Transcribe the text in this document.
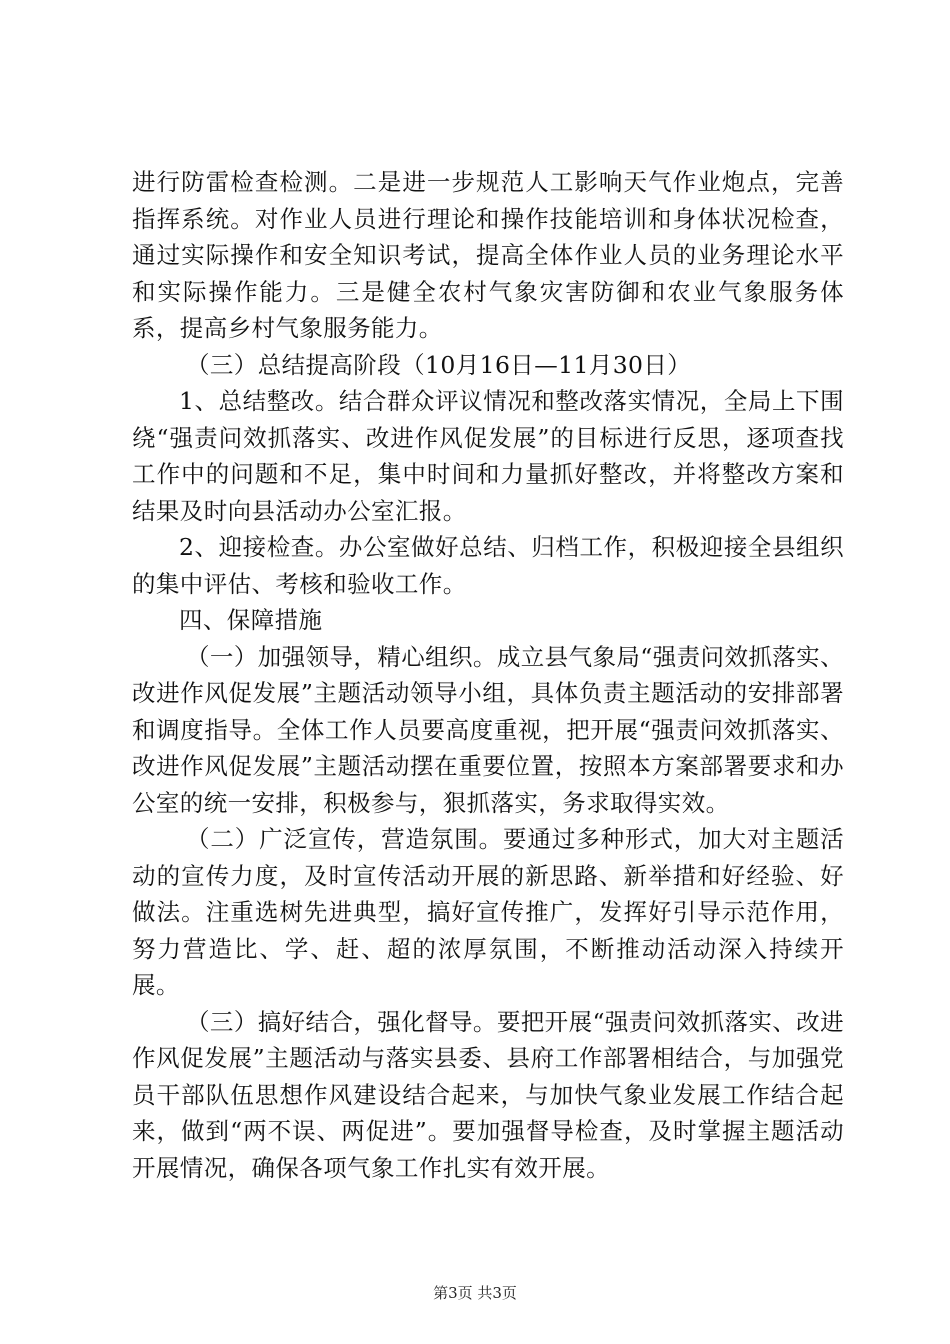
进行防雷检查检测。二是进一步规范人工影响天气作业炮点，完善指挥系统。对作业人员进行理论和操作技能培训和身体状况检查，通过实际操作和安全知识考试，提高全体作业人员的业务理论水平和实际操作能力。三是健全农村气象灾害防御和农业气象服务体系，提高乡村气象服务能力。

（三）总结提高阶段（10月16日—11月30日）

1、总结整改。结合群众评议情况和整改落实情况，全局上下围绕“强责问效抓落实、改进作风促发展”的目标进行反思，逐项查找工作中的问题和不足，集中时间和力量抓好整改，并将整改方案和结果及时向县活动办公室汇报。

2、迎接检查。办公室做好总结、归档工作，积极迎接全县组织的集中评估、考核和验收工作。

四、保障措施

（一）加强领导，精心组织。成立县气象局“强责问效抓落实、改进作风促发展”主题活动领导小组，具体负责主题活动的安排部署和调度指导。全体工作人员要高度重视，把开展“强责问效抓落实、改进作风促发展”主题活动摆在重要位置，按照本方案部署要求和办公室的统一安排，积极参与，狠抓落实，务求取得实效。

（二）广泛宣传，营造氛围。要通过多种形式，加大对主题活动的宣传力度，及时宣传活动开展的新思路、新举措和好经验、好做法。注重选树先进典型，搞好宣传推广，发挥好引导示范作用，努力营造比、学、赶、超的浓厚氛围，不断推动活动深入持续开展。

（三）搞好结合，强化督导。要把开展“强责问效抓落实、改进作风促发展”主题活动与落实县委、县府工作部署相结合，与加强党员干部队伍思想作风建设结合起来，与加快气象业发展工作结合起来，做到“两不误、两促进”。要加强督导检查，及时掌握主题活动开展情况，确保各项气象工作扎实有效开展。

第3页 共3页
